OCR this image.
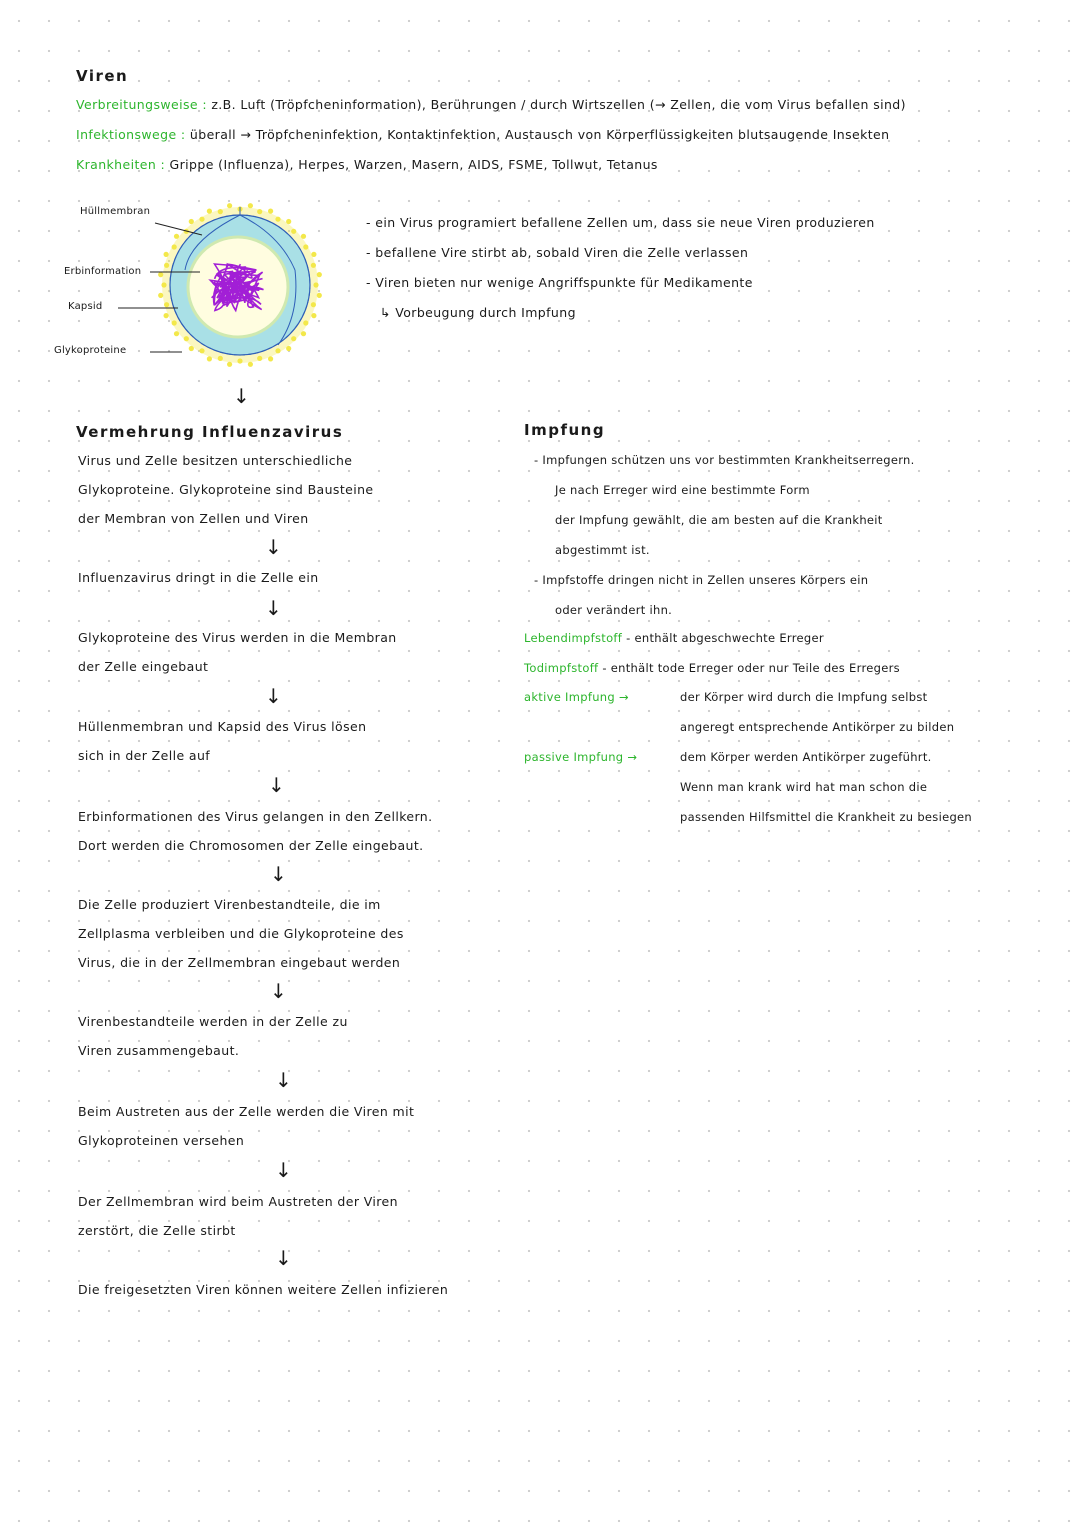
Viren
Verbreitungsweise : z.B. Luft (Tröpfcheninformation), Berührungen / durch Wirtszellen (→ Zellen, die vom Virus befallen sind)
Infektionswege : überall → Tröpfcheninfektion, Kontaktinfektion, Austausch von Körperflüssigkeiten blutsaugende Insekten
Krankheiten : Grippe (Influenza), Herpes, Warzen, Masern, AIDS, FSME, Tollwut, Tetanus
Hüllmembran
Erbinformation
Kapsid
Glykoproteine
- ein Virus programiert befallene Zellen um, dass sie neue Viren produzieren
- befallene Vire stirbt ab, sobald Viren die Zelle verlassen
- Viren bieten nur wenige Angriffspunkte für Medikamente
↳ Vorbeugung durch Impfung
↓
Vermehrung Influenzavirus
Virus und Zelle besitzen unterschiedliche
Glykoproteine. Glykoproteine sind Bausteine
der Membran von Zellen und Viren
Influenzavirus dringt in die Zelle ein
Glykoproteine des Virus werden in die Membran
der Zelle eingebaut
Hüllenmembran und Kapsid des Virus lösen
sich in der Zelle auf
Erbinformationen des Virus gelangen in den Zellkern.
Dort werden die Chromosomen der Zelle eingebaut.
Die Zelle produziert Virenbestandteile, die im
Zellplasma verbleiben und die Glykoproteine des
Virus, die in der Zellmembran eingebaut werden
Virenbestandteile werden in der Zelle zu
Viren zusammengebaut.
Beim Austreten aus der Zelle werden die Viren mit
Glykoproteinen versehen
Der Zellmembran wird beim Austreten der Viren
zerstört, die Zelle stirbt
Die freigesetzten Viren können weitere Zellen infizieren
↓
↓
↓
↓
↓
↓
↓
↓
↓
Impfung
- Impfungen schützen uns vor bestimmten Krankheitserregern.
Je nach Erreger wird eine bestimmte Form
der Impfung gewählt, die am besten auf die Krankheit
abgestimmt ist.
- Impfstoffe dringen nicht in Zellen unseres Körpers ein
oder verändert ihn.
Lebendimpfstoff - enthält abgeschwechte Erreger
Todimpfstoff - enthält tode Erreger oder nur Teile des Erregers
aktive Impfung →	der Körper wird durch die Impfung selbst
angeregt entsprechende Antikörper zu bilden
passive Impfung →	dem Körper werden Antikörper zugeführt.
Wenn man krank wird hat man schon die
passenden Hilfsmittel die Krankheit zu besiegen
